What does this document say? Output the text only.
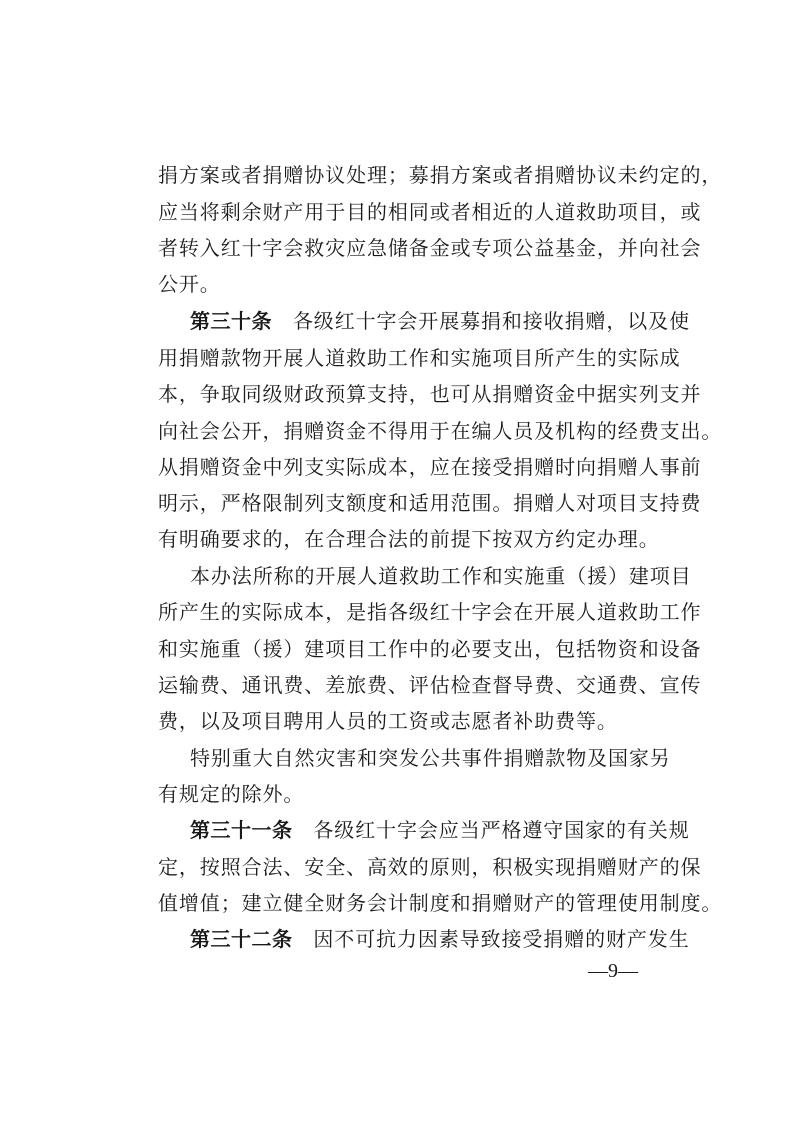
捐方案或者捐赠协议处理；募捐方案或者捐赠协议未约定的，
应当将剩余财产用于目的相同或者相近的人道救助项目，或
者转入红十字会救灾应急储备金或专项公益基金，并向社会
公开。
第三十条  各级红十字会开展募捐和接收捐赠，以及使
用捐赠款物开展人道救助工作和实施项目所产生的实际成
本，争取同级财政预算支持，也可从捐赠资金中据实列支并
向社会公开，捐赠资金不得用于在编人员及机构的经费支出。
从捐赠资金中列支实际成本，应在接受捐赠时向捐赠人事前
明示，严格限制列支额度和适用范围。捐赠人对项目支持费
有明确要求的，在合理合法的前提下按双方约定办理。
本办法所称的开展人道救助工作和实施重（援）建项目
所产生的实际成本，是指各级红十字会在开展人道救助工作
和实施重（援）建项目工作中的必要支出，包括物资和设备
运输费、通讯费、差旅费、评估检查督导费、交通费、宣传
费，以及项目聘用人员的工资或志愿者补助费等。
特别重大自然灾害和突发公共事件捐赠款物及国家另
有规定的除外。
第三十一条  各级红十字会应当严格遵守国家的有关规
定，按照合法、安全、高效的原则，积极实现捐赠财产的保
值增值；建立健全财务会计制度和捐赠财产的管理使用制度。
第三十二条  因不可抗力因素导致接受捐赠的财产发生
—9—
